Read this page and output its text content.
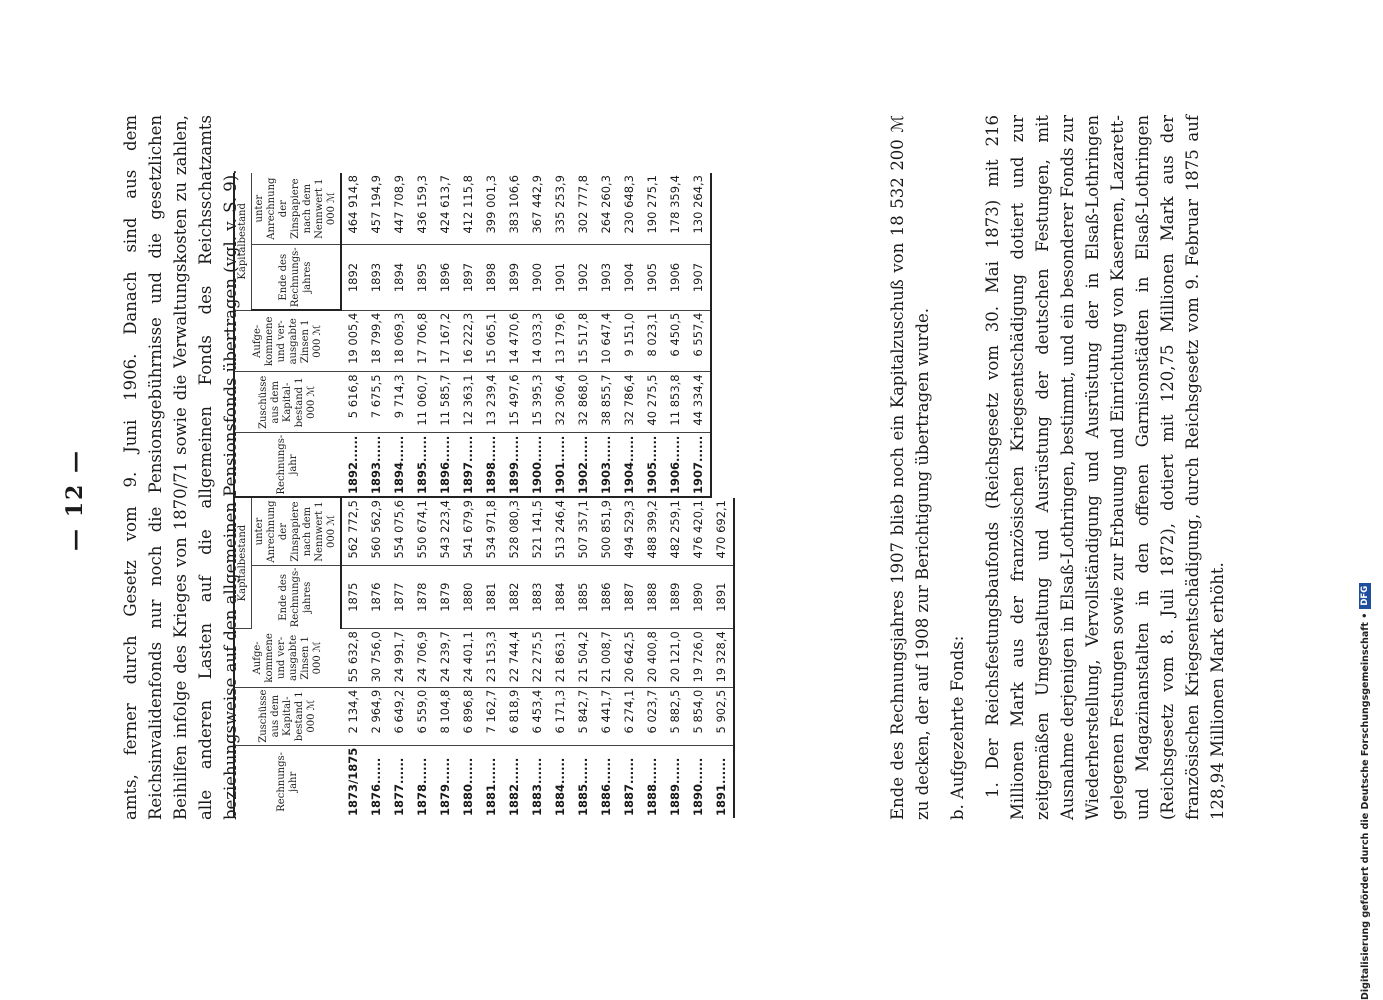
— 12 — amts, ferner durch Gesetz vom 9. Juni 1906. Danach sind aus dem Reichsinvalidenfonds nur noch die Pensionsgebührnisse und die gesetzlichen Beihilfen infolge des Krieges von 1870/71 sowie die Verwaltungskosten zu zahlen, alle anderen Lasten auf die allgemeinen Fonds des Reichsschatzamts beziehungsweise auf den allgemeinen Pensionsfonds übertragen (vgl. v. S. 9).	Rechnungs-jahr	Zuschüsse aus dem Kapital-bestand 1 000 ℳ	Aufge-kommene und ver-ausgabte Zinsen 1 000 ℳ	Kapitalbestand	
			Ende des Rechnungs-jahres	unter Anrechnung der Zinspapiere nach dem Nennwert 1 000 ℳ
1873/1875	2 134,4	55 632,8	1875	562 772,5
1876......	2 964,9	30 756,0	1876	560 562,9
1877......	6 649,2	24 991,7	1877	554 075,6
1878......	6 559,0	24 706,9	1878	550 674,1
1879......	8 104,8	24 239,7	1879	543 223,4
1880......	6 896,8	24 401,1	1880	541 679,9
1881......	7 162,7	23 153,3	1881	534 971,8
1882......	6 818,9	22 744,4	1882	528 080,3
1883......	6 453,4	22 275,5	1883	521 141,5
1884......	6 171,3	21 863,1	1884	513 246,4
1885......	5 842,7	21 504,2	1885	507 357,1
1886......	6 441,7	21 008,7	1886	500 851,9
1887......	6 274,1	20 642,5	1887	494 529,3
1888......	6 023,7	20 400,8	1888	488 399,2
1889......	5 882,5	20 121,0	1889	482 259,1
1890......	5 854,0	19 726,0	1890	476 420,1
1891......	5 902,5	19 328,4	1891	470 692,1
Rechnungs-jahr	Zuschüsse aus dem Kapital-bestand 1 000 ℳ	Aufge-kommene und ver-ausgabte Zinsen 1 000 ℳ	Kapitalbestand	
			Ende des Rechnungs-jahres	unter Anrechnung der Zinspapiere nach dem Nennwert 1 000 ℳ
1892......	5 616,8	19 005,4	1892	464 914,8
1893......	7 675,5	18 799,4	1893	457 194,9
1894......	9 714,3	18 069,3	1894	447 708,9
1895......	11 060,7	17 706,8	1895	436 159,3
1896......	11 585,7	17 167,2	1896	424 613,7
1897......	12 363,1	16 222,3	1897	412 115,8
1898......	13 239,4	15 065,1	1898	399 001,3
1899......	15 497,6	14 470,6	1899	383 106,6
1900......	15 395,3	14 033,3	1900	367 442,9
1901......	32 306,4	13 179,6	1901	335 253,9
1902......	32 868,0	15 517,8	1902	302 777,8
1903......	38 855,7	10 647,4	1903	264 260,3
1904......	32 786,4	9 151,0	1904	230 648,3
1905......	40 275,5	8 023,1	1905	190 275,1
1906......	11 853,8	6 450,5	1906	178 359,4
1907......	44 334,4	6 557,4	1907	130 264,3	Ende des Rechnungsjahres 1907 blieb noch ein Kapitalzuschuß von 18 532 200 ℳ zu decken, der auf 1908 zur Berichtigung übertragen wurde. b. Aufgezehrte Fonds: 1. Der Reichsfestungsbaufonds (Reichsgesetz vom 30. Mai 1873) mit 216 Millionen Mark aus der französischen Kriegsentschädigung dotiert und zur zeitgemäßen Umgestaltung und Ausrüstung der deutschen Festungen, mit Ausnahme derjenigen in Elsaß-Lothringen, bestimmt, und ein besonderer Fonds zur Wiederherstellung, Vervollständigung und Ausrüstung der in Elsaß-Lothringen gelegenen Festungen sowie zur Erbauung und Einrichtung von Kasernen, Lazarett- und Magazinanstalten in den offenen Garnisonstädten in Elsaß-Lothringen (Reichsgesetz vom 8. Juli 1872), dotiert mit 120,75 Millionen Mark aus der französischen Kriegsentschädigung, durch Reichsgesetz vom 9. Februar 1875 auf 128,94 Millionen Mark erhöht.	Digitalisierung gefördert durch die Deutsche Forschungsgemeinschaft •
DFG
